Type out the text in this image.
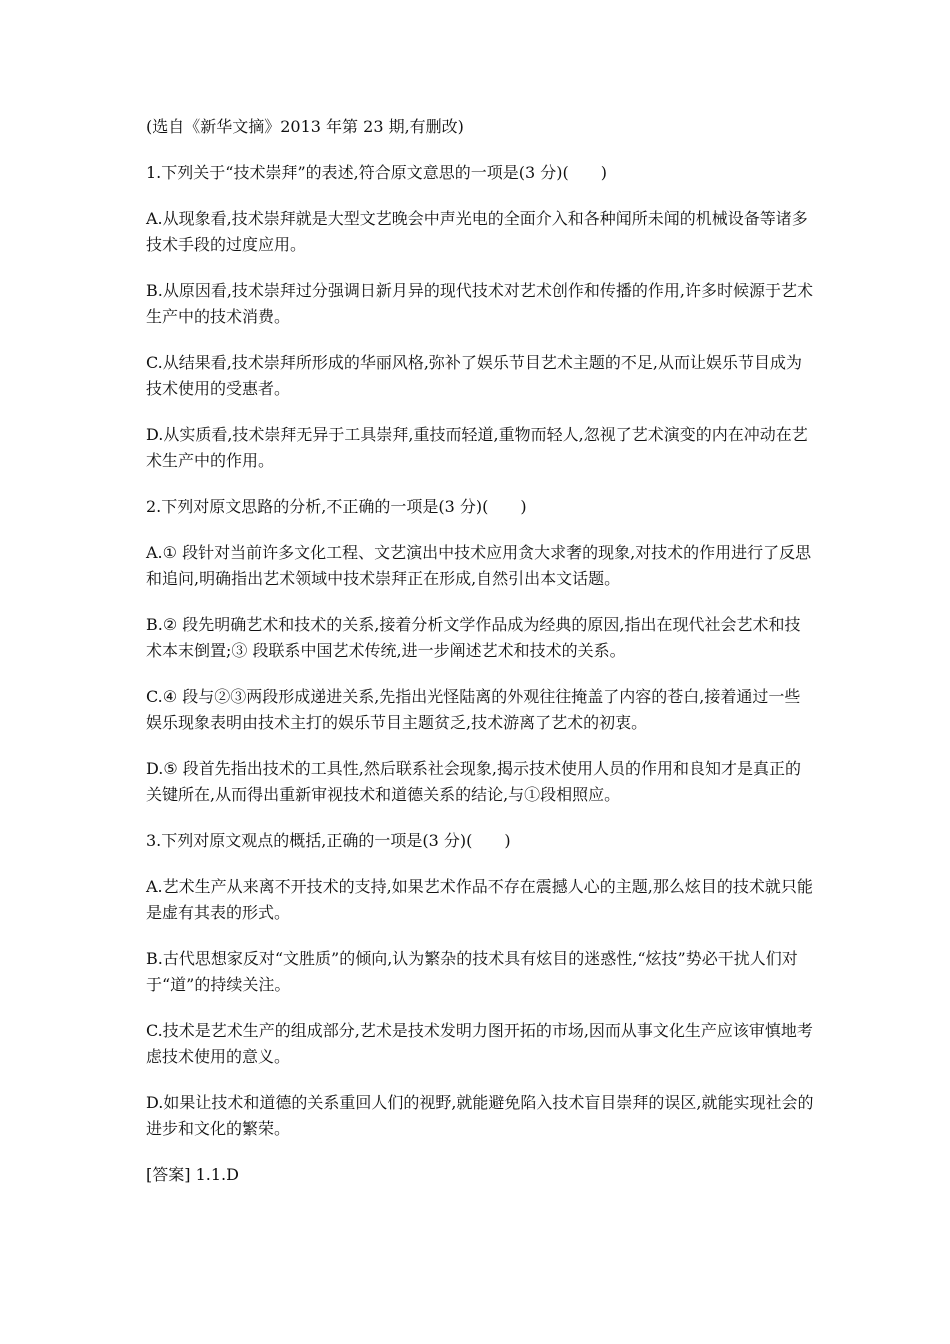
(选自《新华文摘》2013 年第 23 期,有删改)

1.下列关于“技术崇拜”的表述,符合原文意思的一项是(3 分)(　　)

A.从现象看,技术崇拜就是大型文艺晚会中声光电的全面介入和各种闻所未闻的机械设备等诸多技术手段的过度应用。

B.从原因看,技术崇拜过分强调日新月异的现代技术对艺术创作和传播的作用,许多时候源于艺术生产中的技术消费。

C.从结果看,技术崇拜所形成的华丽风格,弥补了娱乐节目艺术主题的不足,从而让娱乐节目成为技术使用的受惠者。

D.从实质看,技术崇拜无异于工具崇拜,重技而轻道,重物而轻人,忽视了艺术演变的内在冲动在艺术生产中的作用。

2.下列对原文思路的分析,不正确的一项是(3 分)(　　)

A.① 段针对当前许多文化工程、文艺演出中技术应用贪大求奢的现象,对技术的作用进行了反思和追问,明确指出艺术领域中技术崇拜正在形成,自然引出本文话题。

B.② 段先明确艺术和技术的关系,接着分析文学作品成为经典的原因,指出在现代社会艺术和技术本末倒置;③ 段联系中国艺术传统,进一步阐述艺术和技术的关系。

C.④ 段与②③两段形成递进关系,先指出光怪陆离的外观往往掩盖了内容的苍白,接着通过一些娱乐现象表明由技术主打的娱乐节目主题贫乏,技术游离了艺术的初衷。

D.⑤ 段首先指出技术的工具性,然后联系社会现象,揭示技术使用人员的作用和良知才是真正的关键所在,从而得出重新审视技术和道德关系的结论,与①段相照应。

3.下列对原文观点的概括,正确的一项是(3 分)(　　)

A.艺术生产从来离不开技术的支持,如果艺术作品不存在震撼人心的主题,那么炫目的技术就只能是虚有其表的形式。

B.古代思想家反对“文胜质”的倾向,认为繁杂的技术具有炫目的迷惑性,“炫技”势必干扰人们对于“道”的持续关注。

C.技术是艺术生产的组成部分,艺术是技术发明力图开拓的市场,因而从事文化生产应该审慎地考虑技术使用的意义。

D.如果让技术和道德的关系重回人们的视野,就能避免陷入技术盲目崇拜的误区,就能实现社会的进步和文化的繁荣。

[答案] 1.1.D
